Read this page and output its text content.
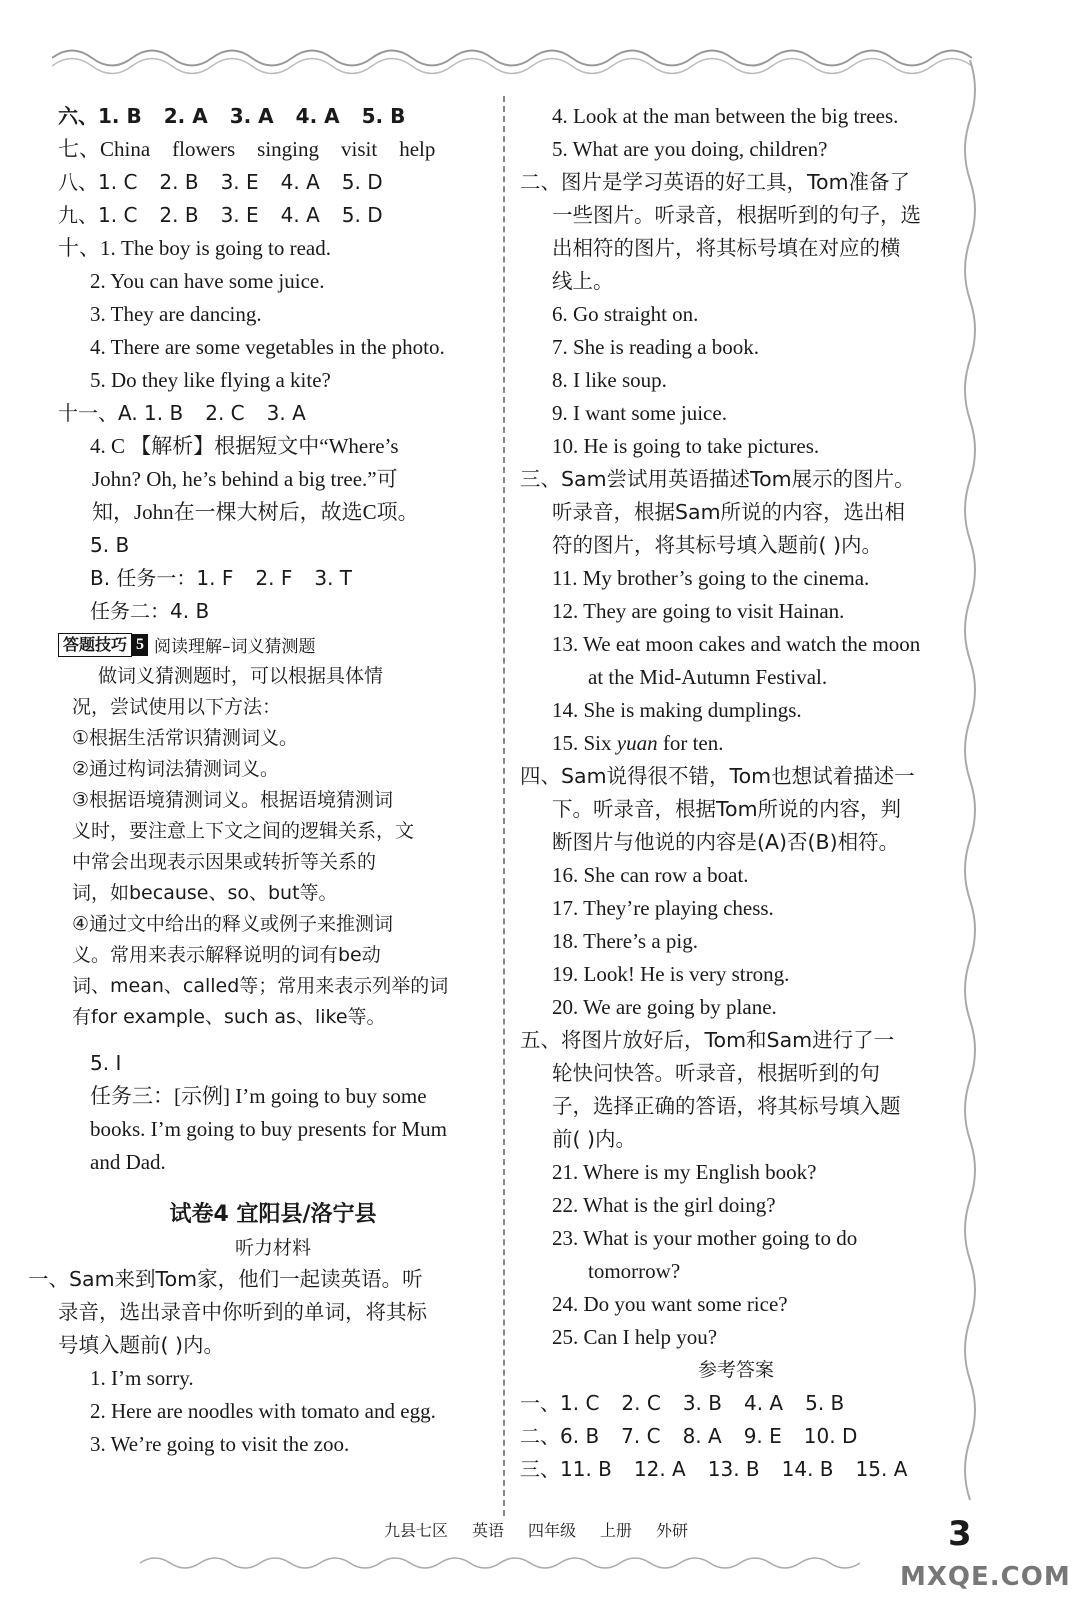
六、1. B 2. A 3. A 4. A 5. B
七、China flowers singing visit help
八、1. C 2. B 3. E 4. A 5. D
九、1. C 2. B 3. E 4. A 5. D
十、1. The boy is going to read.
2. You can have some juice.
3. They are dancing.
4. There are some vegetables in the photo.
5. Do they like flying a kite?
十一、A. 1. B 2. C 3. A
4. C 【解析】根据短文中“Where’s
John? Oh, he’s behind a big tree.”可
知，John在一棵大树后，故选C项。
5. B
B. 任务一：1. F 2. F 3. T
任务二：4. B
答题技巧 5 阅读理解–词义猜测题
做词义猜测题时，可以根据具体情
况，尝试使用以下方法：
①根据生活常识猜测词义。
②通过构词法猜测词义。
③根据语境猜测词义。根据语境猜测词
义时，要注意上下文之间的逻辑关系，文
中常会出现表示因果或转折等关系的
词，如because、so、but等。
④通过文中给出的释义或例子来推测词
义。常用来表示解释说明的词有be动
词、mean、called等；常用来表示列举的词
有for example、such as、like等。
5. I
任务三：[示例] I’m going to buy some
books. I’m going to buy presents for Mum
and Dad.
试卷4 宜阳县/洛宁县
听力材料
一、Sam来到Tom家，他们一起读英语。听
录音，选出录音中你听到的单词，将其标
号填入题前( )内。
1. I’m sorry.
2. Here are noodles with tomato and egg.
3. We’re going to visit the zoo.
4. Look at the man between the big trees.
5. What are you doing, children?
二、图片是学习英语的好工具，Tom准备了
一些图片。听录音，根据听到的句子，选
出相符的图片，将其标号填在对应的横
线上。
6. Go straight on.
7. She is reading a book.
8. I like soup.
9. I want some juice.
10. He is going to take pictures.
三、Sam尝试用英语描述Tom展示的图片。
听录音，根据Sam所说的内容，选出相
符的图片，将其标号填入题前( )内。
11. My brother’s going to the cinema.
12. They are going to visit Hainan.
13. We eat moon cakes and watch the moon
at the Mid-Autumn Festival.
14. She is making dumplings.
15. Six yuan for ten.
四、Sam说得很不错，Tom也想试着描述一
下。听录音，根据Tom所说的内容，判
断图片与他说的内容是(A)否(B)相符。
16. She can row a boat.
17. They’re playing chess.
18. There’s a pig.
19. Look! He is very strong.
20. We are going by plane.
五、将图片放好后，Tom和Sam进行了一
轮快问快答。听录音，根据听到的句
子，选择正确的答语，将其标号填入题
前( )内。
21. Where is my English book?
22. What is the girl doing?
23. What is your mother going to do
tomorrow?
24. Do you want some rice?
25. Can I help you?
参考答案
一、1. C 2. C 3. B 4. A 5. B
二、6. B 7. C 8. A 9. E 10. D
三、11. B 12. A 13. B 14. B 15. A
九县七区 英语 四年级 上册 外研	3
MXQE.COM
